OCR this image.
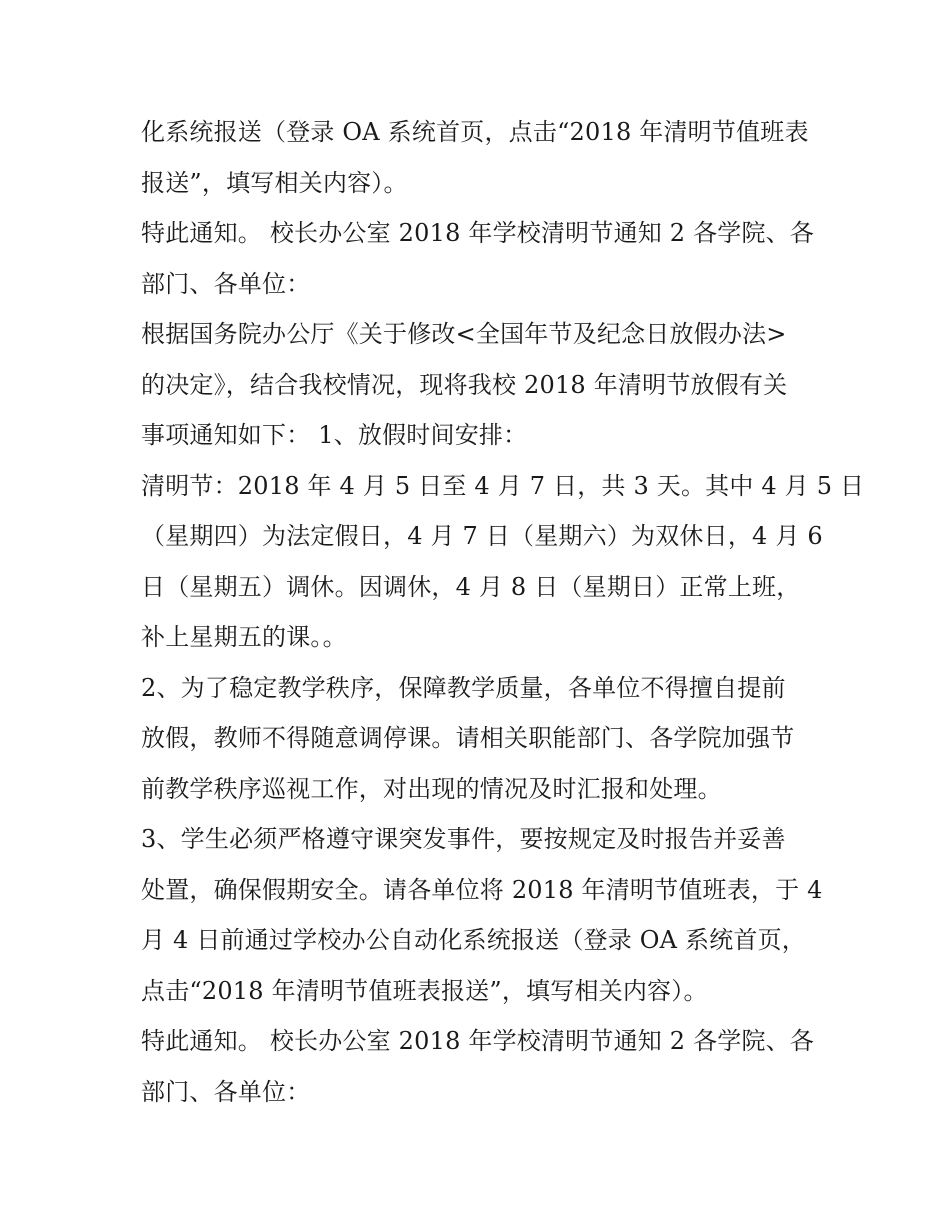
化系统报送（登录 OA 系统首页，点击“2018 年清明节值班表
报送”，填写相关内容）。
特此通知。 校长办公室 2018 年学校清明节通知 2 各学院、各
部门、各单位：
根据国务院办公厅《关于修改<全国年节及纪念日放假办法>
的决定》，结合我校情况，现将我校 2018 年清明节放假有关
事项通知如下： 1、放假时间安排：
清明节：2018 年 4 月 5 日至 4 月 7 日，共 3 天。其中 4 月 5 日
（星期四）为法定假日，4 月 7 日（星期六）为双休日，4 月 6
日（星期五）调休。因调休，4 月 8 日（星期日）正常上班，
补上星期五的课。。
2、为了稳定教学秩序，保障教学质量，各单位不得擅自提前
放假，教师不得随意调停课。请相关职能部门、各学院加强节
前教学秩序巡视工作，对出现的情况及时汇报和处理。
3、学生必须严格遵守课突发事件，要按规定及时报告并妥善
处置，确保假期安全。请各单位将 2018 年清明节值班表，于 4
月 4 日前通过学校办公自动化系统报送（登录 OA 系统首页，
点击“2018 年清明节值班表报送”，填写相关内容）。
特此通知。 校长办公室 2018 年学校清明节通知 2 各学院、各
部门、各单位：
